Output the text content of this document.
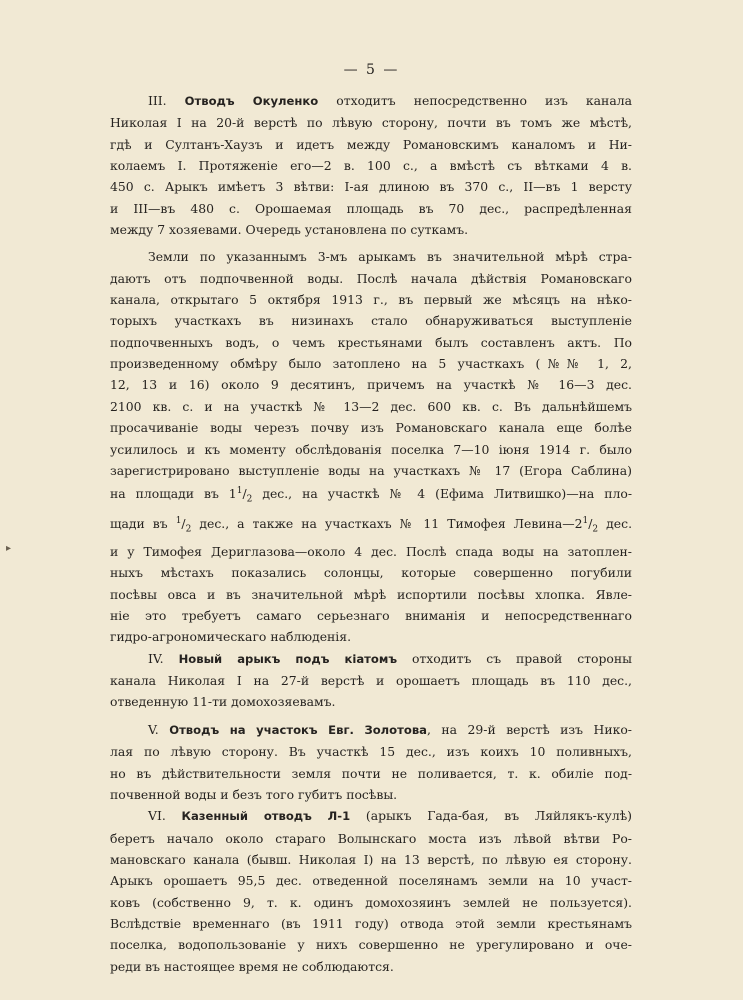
— 5 —
▸
III. Отводъ Окуленко отходитъ непосредственно изъ канала
Николая I на 20-й верстѣ по лѣвую сторону, почти въ томъ же мѣстѣ,
гдѣ и Султанъ-Хаузъ и идетъ между Романовскимъ каналомъ и Ни-
колаемъ I. Протяженіе его—2 в. 100 с., а вмѣстѣ съ вѣтками 4 в.
450 с. Арыкъ имѣетъ 3 вѣтви: I-ая длиною въ 370 с., II—въ 1 версту
и III—въ 480 с. Орошаемая площадь въ 70 дес., распредѣленная
между 7 хозяевами. Очередь установлена по суткамъ.
Земли по указаннымъ 3-мъ арыкамъ въ значительной мѣрѣ стра-
даютъ отъ подпочвенной воды. Послѣ начала дѣйствія Романовскаго
канала, открытаго 5 октября 1913 г., въ первый же мѣсяцъ на нѣко-
торыхъ участкахъ въ низинахъ стало обнаруживаться выступленіе
подпочвенныхъ водъ, о чемъ крестьянами былъ составленъ актъ. По
произведенному обмѣру было затоплено на 5 участкахъ (№№ 1, 2,
12, 13 и 16) около 9 десятинъ, причемъ на участкѣ № 16—3 дес.
2100 кв. с. и на участкѣ № 13—2 дес. 600 кв. с. Въ дальнѣйшемъ
просачиваніе воды черезъ почву изъ Романовскаго канала еще болѣе
усилилось и къ моменту обслѣдованія поселка 7—10 іюня 1914 г. было
зарегистрировано выступленіе воды на участкахъ № 17 (Егора Саблина)
на площади въ $1^1/_2$ дес., на участкѣ № 4 (Ефима Литвишко)—на пло-
щади въ $^1/_2$ дес., а также на участкахъ № 11 Тимофея $Левина—2^1/_2$ дес.
и у Тимофея Дериглазова—около 4 дес. Послѣ спада воды на затоплен-
ныхъ мѣстахъ показались солонцы, которые совершенно погубили
посѣвы овса и въ значительной мѣрѣ испортили посѣвы хлопка. Явле-
ніе это требуетъ самаго серьезнаго вниманія и непосредственнаго
гидро-агрономическаго наблюденія.
IV. Новый арыкъ подъ кіатомъ отходитъ съ правой стороны
канала Николая I на 27-й верстѣ и орошаетъ площадь въ 110 дес.,
отведенную 11-ти домохозяевамъ.
V. Отводъ на участокъ Евг. Золотова, на 29-й верстѣ изъ Нико-
лая по лѣвую сторону. Въ участкѣ 15 дес., изъ коихъ 10 поливныхъ,
но въ дѣйствительности земля почти не поливается, т. к. обиліе под-
почвенной воды и безъ того губитъ посѣвы.
VI. Казенный отводъ Л-1 (арыкъ Гада-бая, въ Ляйлякъ-кулѣ)
беретъ начало около стараго Волынскаго моста изъ лѣвой вѣтви Ро-
мановскаго канала (бывш. Николая I) на 13 верстѣ, по лѣвую ея сторону.
Арыкъ орошаетъ 95,5 дес. отведенной поселянамъ земли на 10 участ-
ковъ (собственно 9, т. к. одинъ домохозяинъ землей не пользуется).
Вслѣдствіе временнаго (въ 1911 году) отвода этой земли крестьянамъ
поселка, водопользованіе у нихъ совершенно не урегулировано и оче-
реди въ настоящее время не соблюдаются.
